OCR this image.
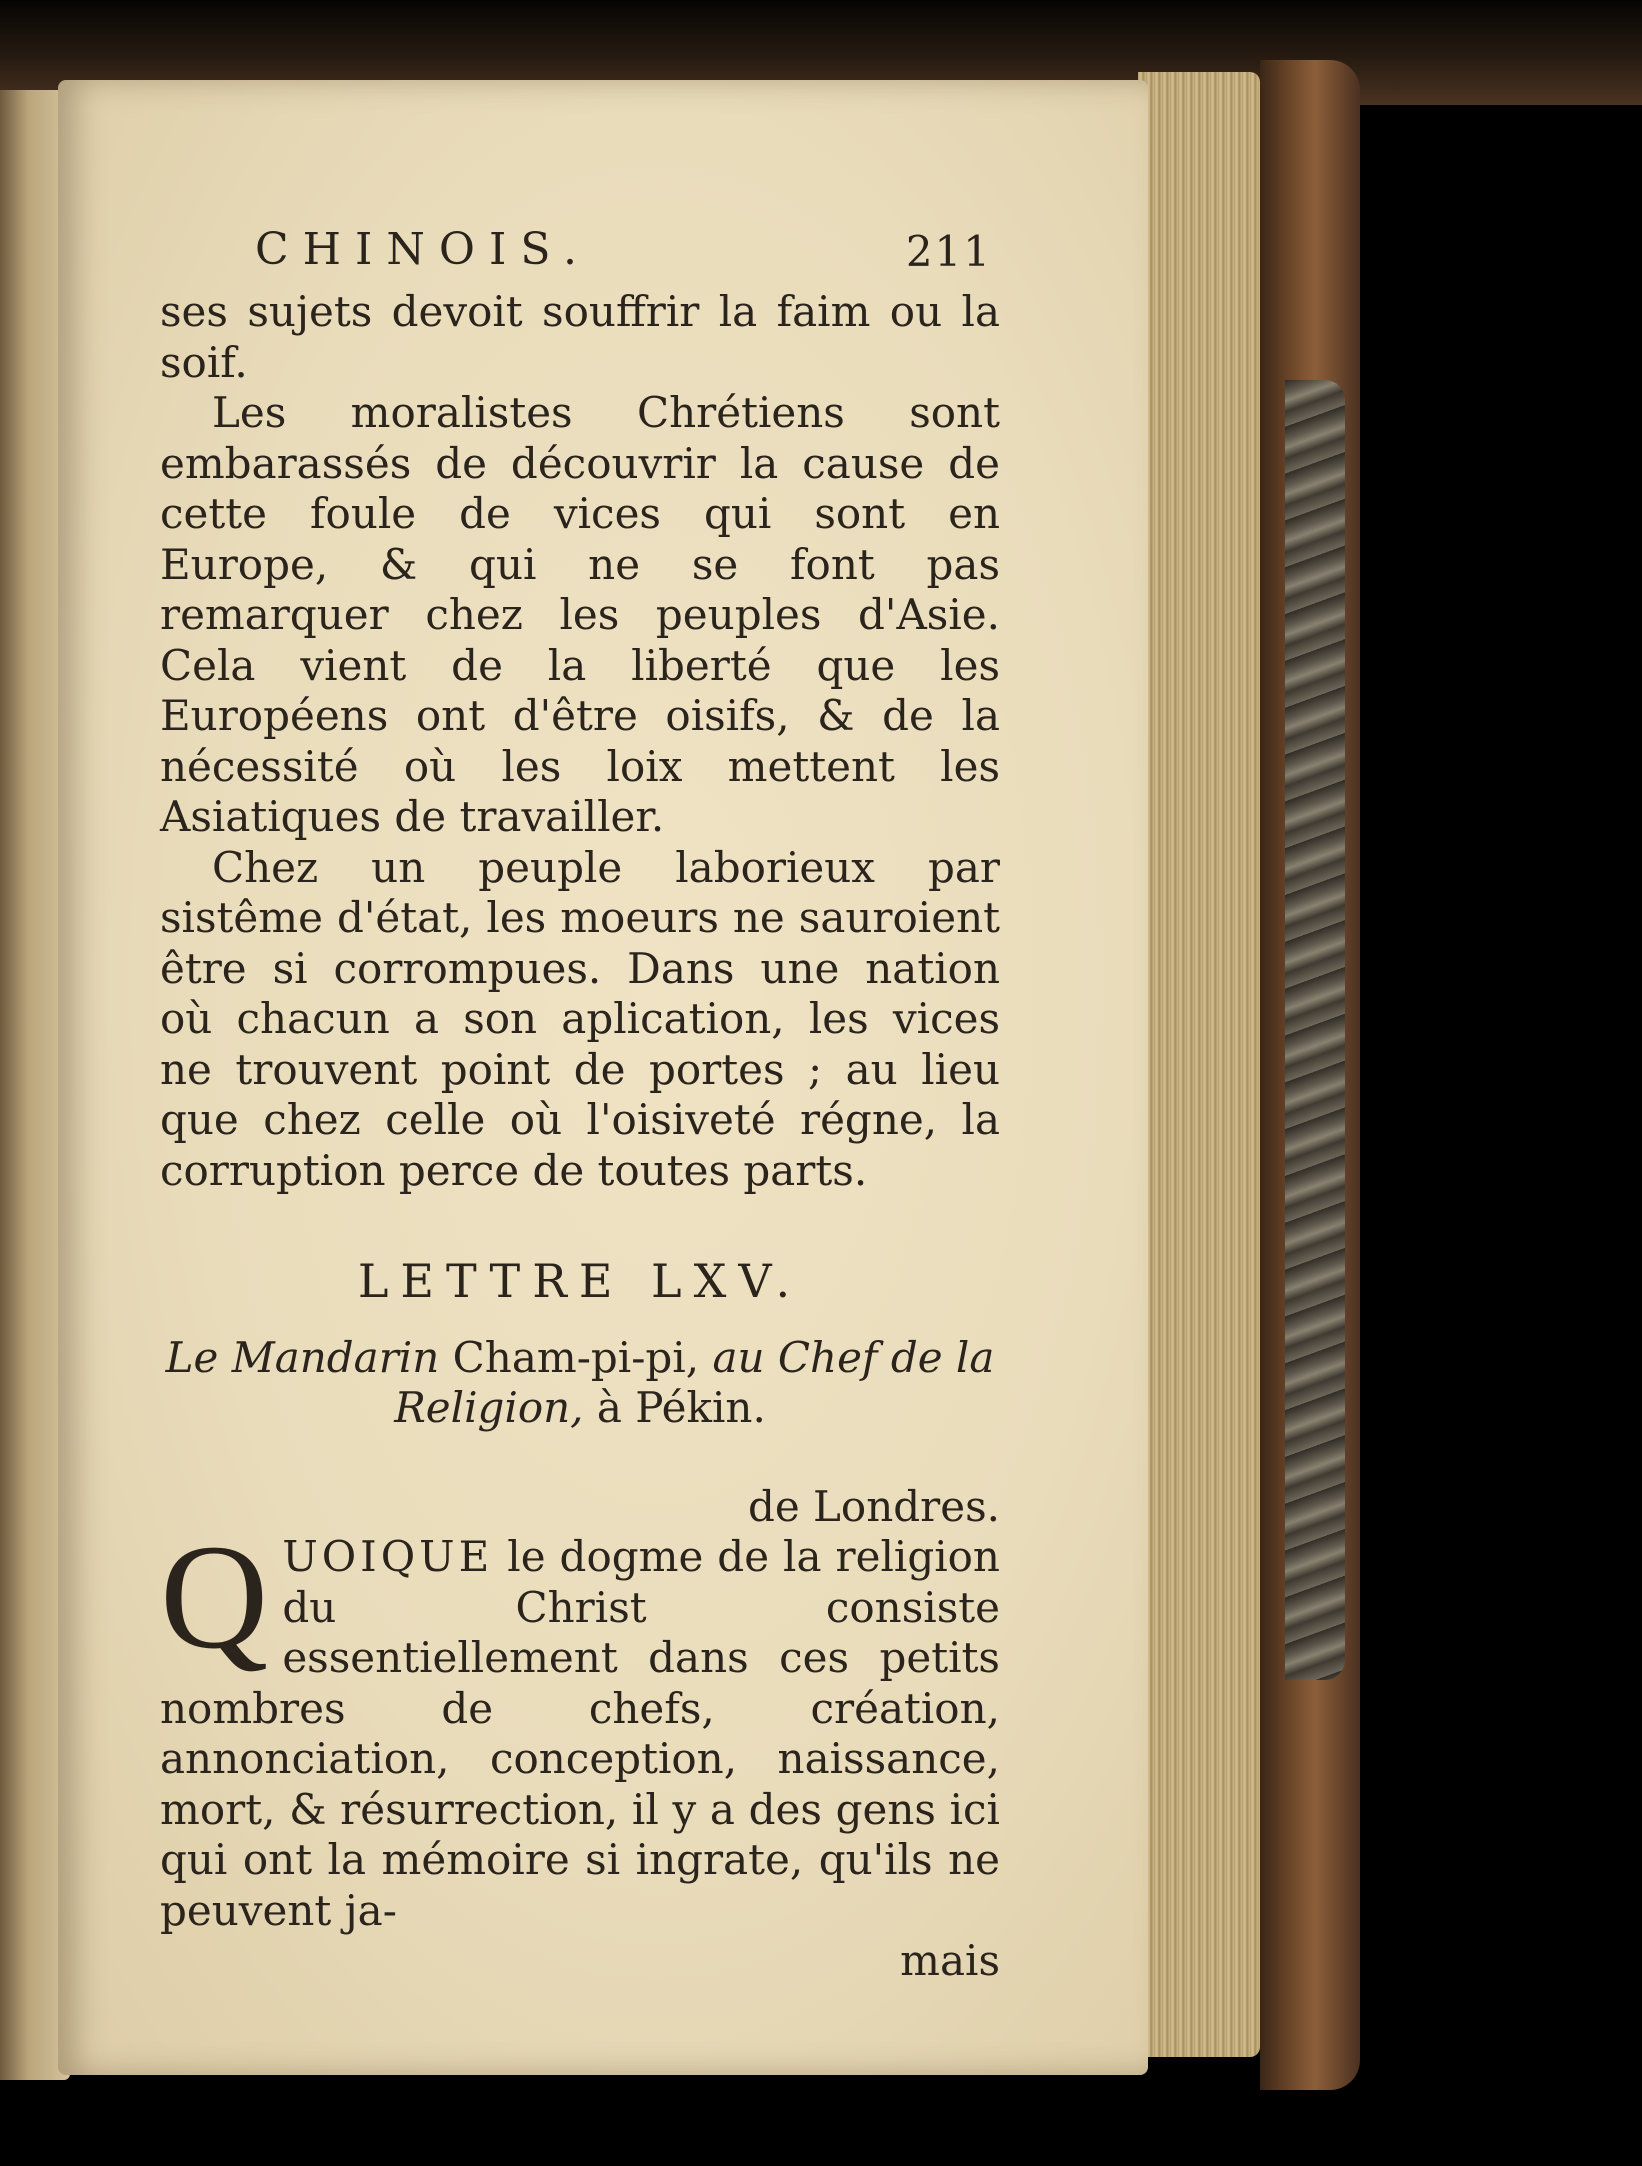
CHINOIS.	211

ses sujets devoit souffrir la faim ou la soif.

Les moralistes Chrétiens sont embarassés de découvrir la cause de cette foule de vices qui sont en Europe, & qui ne se font pas remarquer chez les peuples d'Asie. Cela vient de la liberté que les Européens ont d'être oisifs, & de la nécessité où les loix mettent les Asiatiques de travailler.

Chez un peuple laborieux par sistême d'état, les moeurs ne sauroient être si corrompues. Dans une nation où chacun a son aplication, les vices ne trouvent point de portes ; au lieu que chez celle où l'oisiveté régne, la corruption perce de toutes parts.

LETTRE LXV.
Le Mandarin Cham-pi-pi, au Chef de la
Religion, à Pékin.
de Londres.
Q UOIQUE le dogme de la religion du Christ consiste essentiellement dans ces petits nombres de chefs, création, annonciation, conception, naissance, mort, & résurrection, il y a des gens ici qui ont la mémoire si ingrate, qu'ils ne peuvent ja-

mais
